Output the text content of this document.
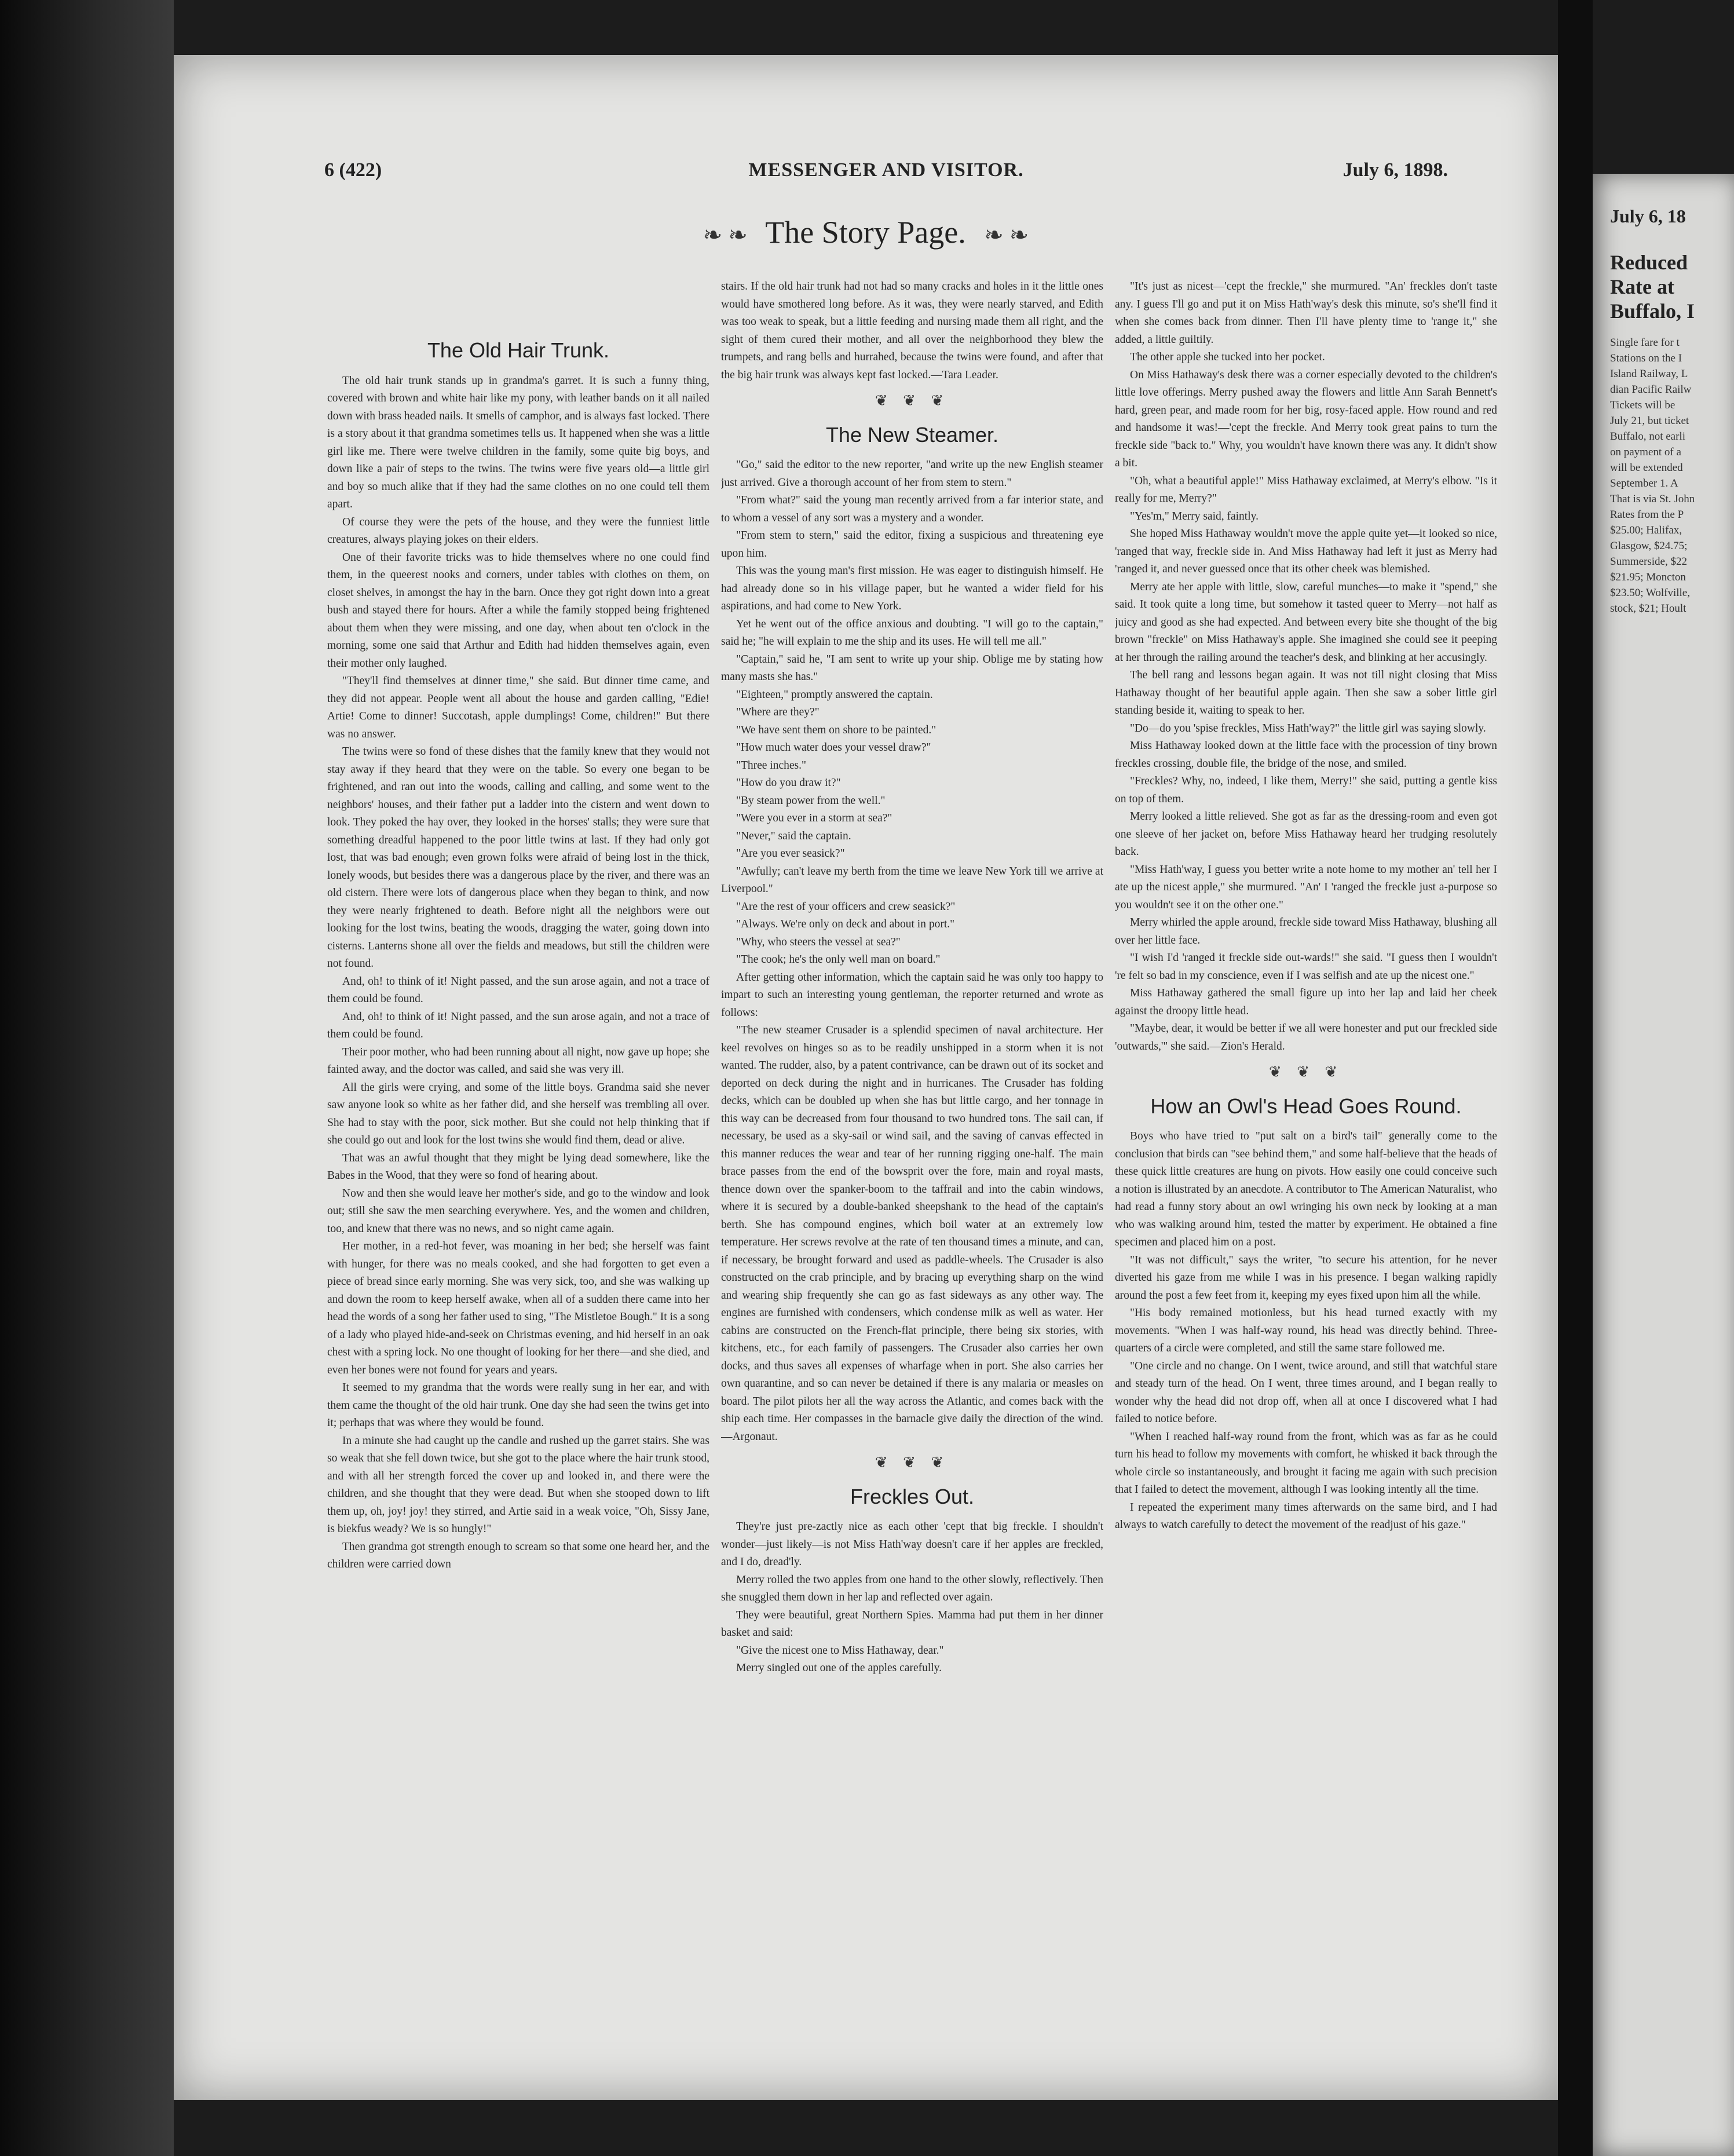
6 (422)	MESSENGER AND VISITOR.	July 6, 1898.
❧ ❧ The Story Page. ❧ ❧
The Old Hair Trunk.

The old hair trunk stands up in grandma's garret. It is such a funny thing, covered with brown and white hair like my pony, with leather bands on it all nailed down with brass headed nails. It smells of camphor, and is always fast locked. There is a story about it that grandma sometimes tells us. It happened when she was a little girl like me. There were twelve children in the family, some quite big boys, and down like a pair of steps to the twins. The twins were five years old—a little girl and boy so much alike that if they had the same clothes on no one could tell them apart.

Of course they were the pets of the house, and they were the funniest little creatures, always playing jokes on their elders.

One of their favorite tricks was to hide themselves where no one could find them, in the queerest nooks and corners, under tables with clothes on them, on closet shelves, in amongst the hay in the barn. Once they got right down into a great bush and stayed there for hours. After a while the family stopped being frightened about them when they were missing, and one day, when about ten o'clock in the morning, some one said that Arthur and Edith had hidden themselves again, even their mother only laughed.

"They'll find themselves at dinner time," she said. But dinner time came, and they did not appear. People went all about the house and garden calling, "Edie! Artie! Come to dinner! Succotash, apple dumplings! Come, children!" But there was no answer.

The twins were so fond of these dishes that the family knew that they would not stay away if they heard that they were on the table. So every one began to be frightened, and ran out into the woods, calling and calling, and some went to the neighbors' houses, and their father put a ladder into the cistern and went down to look. They poked the hay over, they looked in the horses' stalls; they were sure that something dreadful happened to the poor little twins at last. If they had only got lost, that was bad enough; even grown folks were afraid of being lost in the thick, lonely woods, but besides there was a dangerous place by the river, and there was an old cistern. There were lots of dangerous place when they began to think, and now they were nearly frightened to death. Before night all the neighbors were out looking for the lost twins, beating the woods, dragging the water, going down into cisterns. Lanterns shone all over the fields and meadows, but still the children were not found.

And, oh! to think of it! Night passed, and the sun arose again, and not a trace of them could be found.

And, oh! to think of it! Night passed, and the sun arose again, and not a trace of them could be found.

Their poor mother, who had been running about all night, now gave up hope; she fainted away, and the doctor was called, and said she was very ill.

All the girls were crying, and some of the little boys. Grandma said she never saw anyone look so white as her father did, and she herself was trembling all over. She had to stay with the poor, sick mother. But she could not help thinking that if she could go out and look for the lost twins she would find them, dead or alive.

That was an awful thought that they might be lying dead somewhere, like the Babes in the Wood, that they were so fond of hearing about.

Now and then she would leave her mother's side, and go to the window and look out; still she saw the men searching everywhere. Yes, and the women and children, too, and knew that there was no news, and so night came again.

Her mother, in a red-hot fever, was moaning in her bed; she herself was faint with hunger, for there was no meals cooked, and she had forgotten to get even a piece of bread since early morning. She was very sick, too, and she was walking up and down the room to keep herself awake, when all of a sudden there came into her head the words of a song her father used to sing, "The Mistletoe Bough." It is a song of a lady who played hide-and-seek on Christmas evening, and hid herself in an oak chest with a spring lock. No one thought of looking for her there—and she died, and even her bones were not found for years and years.

It seemed to my grandma that the words were really sung in her ear, and with them came the thought of the old hair trunk. One day she had seen the twins get into it; perhaps that was where they would be found.

In a minute she had caught up the candle and rushed up the garret stairs. She was so weak that she fell down twice, but she got to the place where the hair trunk stood, and with all her strength forced the cover up and looked in, and there were the children, and she thought that they were dead. But when she stooped down to lift them up, oh, joy! joy! they stirred, and Artie said in a weak voice, "Oh, Sissy Jane, is biekfus weady? We is so hungly!"

Then grandma got strength enough to scream so that some one heard her, and the children were carried down

stairs. If the old hair trunk had not had so many cracks and holes in it the little ones would have smothered long before. As it was, they were nearly starved, and Edith was too weak to speak, but a little feeding and nursing made them all right, and the sight of them cured their mother, and all over the neighborhood they blew the trumpets, and rang bells and hurrahed, because the twins were found, and after that the big hair trunk was always kept fast locked.—Tara Leader.

❦ ❦ ❦
The New Steamer.

"Go," said the editor to the new reporter, "and write up the new English steamer just arrived. Give a thorough account of her from stem to stern."

"From what?" said the young man recently arrived from a far interior state, and to whom a vessel of any sort was a mystery and a wonder.

"From stem to stern," said the editor, fixing a suspicious and threatening eye upon him.

This was the young man's first mission. He was eager to distinguish himself. He had already done so in his village paper, but he wanted a wider field for his aspirations, and had come to New York.

Yet he went out of the office anxious and doubting. "I will go to the captain," said he; "he will explain to me the ship and its uses. He will tell me all."

"Captain," said he, "I am sent to write up your ship. Oblige me by stating how many masts she has."

"Eighteen," promptly answered the captain.

"Where are they?"

"We have sent them on shore to be painted."

"How much water does your vessel draw?"

"Three inches."

"How do you draw it?"

"By steam power from the well."

"Were you ever in a storm at sea?"

"Never," said the captain.

"Are you ever seasick?"

"Awfully; can't leave my berth from the time we leave New York till we arrive at Liverpool."

"Are the rest of your officers and crew seasick?"

"Always. We're only on deck and about in port."

"Why, who steers the vessel at sea?"

"The cook; he's the only well man on board."

After getting other information, which the captain said he was only too happy to impart to such an interesting young gentleman, the reporter returned and wrote as follows:

"The new steamer Crusader is a splendid specimen of naval architecture. Her keel revolves on hinges so as to be readily unshipped in a storm when it is not wanted. The rudder, also, by a patent contrivance, can be drawn out of its socket and deported on deck during the night and in hurricanes. The Crusader has folding decks, which can be doubled up when she has but little cargo, and her tonnage in this way can be decreased from four thousand to two hundred tons. The sail can, if necessary, be used as a sky-sail or wind sail, and the saving of canvas effected in this manner reduces the wear and tear of her running rigging one-half. The main brace passes from the end of the bowsprit over the fore, main and royal masts, thence down over the spanker-boom to the taffrail and into the cabin windows, where it is secured by a double-banked sheepshank to the head of the captain's berth. She has compound engines, which boil water at an extremely low temperature. Her screws revolve at the rate of ten thousand times a minute, and can, if necessary, be brought forward and used as paddle-wheels. The Crusader is also constructed on the crab principle, and by bracing up everything sharp on the wind and wearing ship frequently she can go as fast sideways as any other way. The engines are furnished with condensers, which condense milk as well as water. Her cabins are constructed on the French-flat principle, there being six stories, with kitchens, etc., for each family of passengers. The Crusader also carries her own docks, and thus saves all expenses of wharfage when in port. She also carries her own quarantine, and so can never be detained if there is any malaria or measles on board. The pilot pilots her all the way across the Atlantic, and comes back with the ship each time. Her compasses in the barnacle give daily the direction of the wind.—Argonaut.

❦ ❦ ❦
Freckles Out.

They're just pre-zactly nice as each other 'cept that big freckle. I shouldn't wonder—just likely—is not Miss Hath'way doesn't care if her apples are freckled, and I do, dread'ly.

Merry rolled the two apples from one hand to the other slowly, reflectively. Then she snuggled them down in her lap and reflected over again.

They were beautiful, great Northern Spies. Mamma had put them in her dinner basket and said:

"Give the nicest one to Miss Hathaway, dear."

Merry singled out one of the apples carefully.

"It's just as nicest—'cept the freckle," she murmured. "An' freckles don't taste any. I guess I'll go and put it on Miss Hath'way's desk this minute, so's she'll find it when she comes back from dinner. Then I'll have plenty time to 'range it," she added, a little guiltily.

The other apple she tucked into her pocket.

On Miss Hathaway's desk there was a corner especially devoted to the children's little love offerings. Merry pushed away the flowers and little Ann Sarah Bennett's hard, green pear, and made room for her big, rosy-faced apple. How round and red and handsome it was!—'cept the freckle. And Merry took great pains to turn the freckle side "back to." Why, you wouldn't have known there was any. It didn't show a bit.

"Oh, what a beautiful apple!" Miss Hathaway exclaimed, at Merry's elbow. "Is it really for me, Merry?"

"Yes'm," Merry said, faintly.

She hoped Miss Hathaway wouldn't move the apple quite yet—it looked so nice, 'ranged that way, freckle side in. And Miss Hathaway had left it just as Merry had 'ranged it, and never guessed once that its other cheek was blemished.

Merry ate her apple with little, slow, careful munches—to make it "spend," she said. It took quite a long time, but somehow it tasted queer to Merry—not half as juicy and good as she had expected. And between every bite she thought of the big brown "freckle" on Miss Hathaway's apple. She imagined she could see it peeping at her through the railing around the teacher's desk, and blinking at her accusingly.

The bell rang and lessons began again. It was not till night closing that Miss Hathaway thought of her beautiful apple again. Then she saw a sober little girl standing beside it, waiting to speak to her.

"Do—do you 'spise freckles, Miss Hath'way?" the little girl was saying slowly.

Miss Hathaway looked down at the little face with the procession of tiny brown freckles crossing, double file, the bridge of the nose, and smiled.

"Freckles? Why, no, indeed, I like them, Merry!" she said, putting a gentle kiss on top of them.

Merry looked a little relieved. She got as far as the dressing-room and even got one sleeve of her jacket on, before Miss Hathaway heard her trudging resolutely back.

"Miss Hath'way, I guess you better write a note home to my mother an' tell her I ate up the nicest apple," she murmured. "An' I 'ranged the freckle just a-purpose so you wouldn't see it on the other one."

Merry whirled the apple around, freckle side toward Miss Hathaway, blushing all over her little face.

"I wish I'd 'ranged it freckle side out-wards!" she said. "I guess then I wouldn't 're felt so bad in my conscience, even if I was selfish and ate up the nicest one."

Miss Hathaway gathered the small figure up into her lap and laid her cheek against the droopy little head.

"Maybe, dear, it would be better if we all were honester and put our freckled side 'outwards,'" she said.—Zion's Herald.

❦ ❦ ❦
How an Owl's Head Goes Round.

Boys who have tried to "put salt on a bird's tail" generally come to the conclusion that birds can "see behind them," and some half-believe that the heads of these quick little creatures are hung on pivots. How easily one could conceive such a notion is illustrated by an anecdote. A contributor to The American Naturalist, who had read a funny story about an owl wringing his own neck by looking at a man who was walking around him, tested the matter by experiment. He obtained a fine specimen and placed him on a post.

"It was not difficult," says the writer, "to secure his attention, for he never diverted his gaze from me while I was in his presence. I began walking rapidly around the post a few feet from it, keeping my eyes fixed upon him all the while.

"His body remained motionless, but his head turned exactly with my movements. "When I was half-way round, his head was directly behind. Three-quarters of a circle were completed, and still the same stare followed me.

"One circle and no change. On I went, twice around, and still that watchful stare and steady turn of the head. On I went, three times around, and I began really to wonder why the head did not drop off, when all at once I discovered what I had failed to notice before.

"When I reached half-way round from the front, which was as far as he could turn his head to follow my movements with comfort, he whisked it back through the whole circle so instantaneously, and brought it facing me again with such precision that I failed to detect the movement, although I was looking intently all the time.

I repeated the experiment many times afterwards on the same bird, and I had always to watch carefully to detect the movement of the readjust of his gaze."

July 6, 18
Reduced Rate at Buffalo, I
Single fare for t
Stations on the I
Island Railway, L
dian Pacific Railw
Tickets will be
July 21, but ticket
Buffalo, not earli
on payment of a
will be extended
September 1. A
That is via St. John
Rates from the P
$25.00; Halifax,
Glasgow, $24.75;
Summerside, $22
$21.95; Moncton
$23.50; Wolfville,
stock, $21; Hoult
